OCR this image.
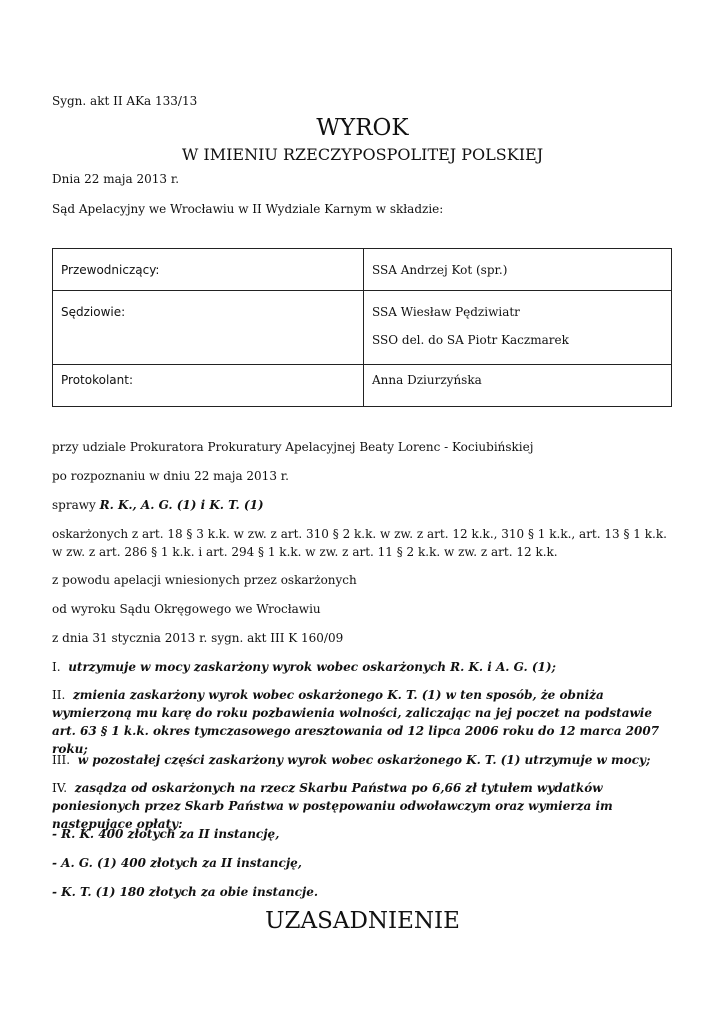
Sygn. akt II AKa 133/13
WYROK
W IMIENIU RZECZYPOSPOLITEJ POLSKIEJ
Dnia 22 maja 2013 r.
Sąd Apelacyjny we Wrocławiu w II Wydziale Karnym w składzie:
Przewodniczący:	SSA Andrzej Kot (spr.)
Sędziowie:	SSA Wiesław Pędziwiatr
SSO del. do SA Piotr Kaczmarek

Protokolant:	Anna Dziurzyńska
przy udziale Prokuratora Prokuratury Apelacyjnej Beaty Lorenc - Kociubińskiej
po rozpoznaniu w dniu 22 maja 2013 r.
sprawy R. K., A. G. (1) i K. T. (1)
oskarżonych z art. 18 § 3 k.k. w zw. z art. 310 § 2 k.k. w zw. z art. 12 k.k., 310 § 1 k.k., art. 13 § 1 k.k. w zw. z art. 286 § 1 k.k. i art. 294 § 1 k.k. w zw. z art. 11 § 2 k.k. w zw. z art. 12 k.k.
z powodu apelacji wniesionych przez oskarżonych
od wyroku Sądu Okręgowego we Wrocławiu
z dnia 31 stycznia 2013 r. sygn. akt III K 160/09
I. utrzymuje w mocy zaskarżony wyrok wobec oskarżonych R. K. i A. G. (1);
II. zmienia zaskarżony wyrok wobec oskarżonego K. T. (1) w ten sposób, że obniża wymierzoną mu karę do roku pozbawienia wolności, zaliczając na jej poczet na podstawie art. 63 § 1 k.k. okres tymczasowego aresztowania od 12 lipca 2006 roku do 12 marca 2007 roku;
III. w pozostałej części zaskarżony wyrok wobec oskarżonego K. T. (1) utrzymuje w mocy;
IV. zasądza od oskarżonych na rzecz Skarbu Państwa po 6,66 zł tytułem wydatków poniesionych przez Skarb Państwa w postępowaniu odwoławczym oraz wymierza im następujące opłaty:
- R. K. 400 złotych za II instancję,
- A. G. (1) 400 złotych za II instancję,
- K. T. (1) 180 złotych za obie instancje.
UZASADNIENIE
